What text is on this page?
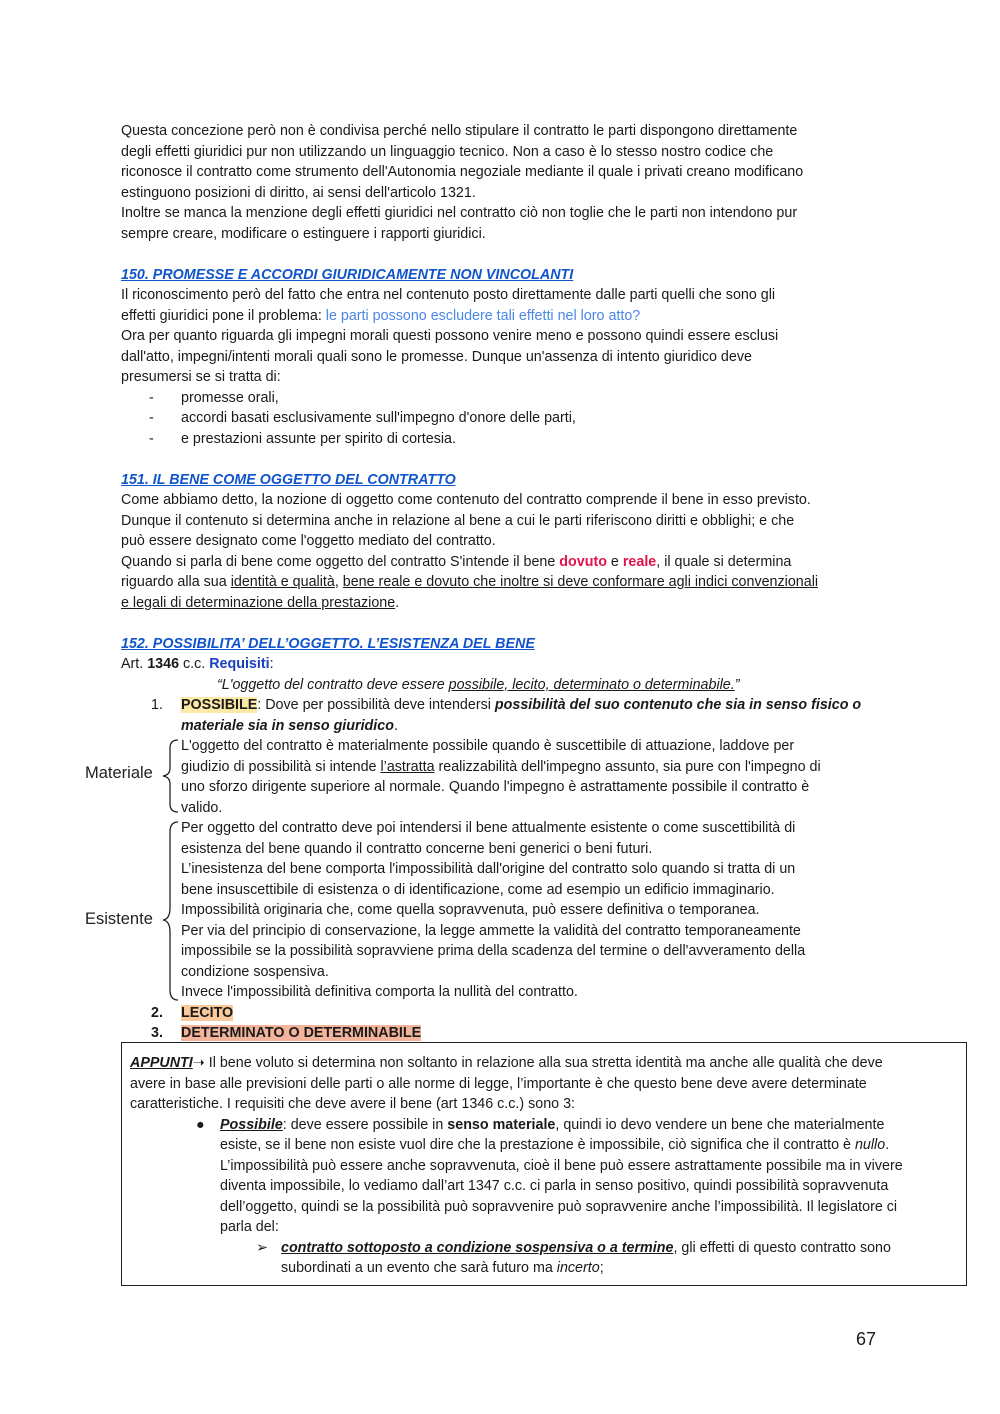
Questa concezione però non è condivisa perché nello stipulare il contratto le parti dispongono direttamente

degli effetti giuridici pur non utilizzando un linguaggio tecnico. Non a caso è lo stesso nostro codice che

riconosce il contratto come strumento dell'Autonomia negoziale mediante il quale i privati creano modificano

estinguono posizioni di diritto, ai sensi dell'articolo 1321.

Inoltre se manca la menzione degli effetti giuridici nel contratto ciò non toglie che le parti non intendono pur

sempre creare, modificare o estinguere i rapporti giuridici.

150. PROMESSE E ACCORDI GIURIDICAMENTE NON VINCOLANTI

Il riconoscimento però del fatto che entra nel contenuto posto direttamente dalle parti quelli che sono gli

effetti giuridici pone il problema: le parti possono escludere tali effetti nel loro atto?

Ora per quanto riguarda gli impegni morali questi possono venire meno e possono quindi essere esclusi

dall'atto, impegni/intenti morali quali sono le promesse. Dunque un'assenza di intento giuridico deve

presumersi se si tratta di:

- promesse orali,
- accordi basati esclusivamente sull'impegno d'onore delle parti,
- e prestazioni assunte per spirito di cortesia.

151. IL BENE COME OGGETTO DEL CONTRATTO

Come abbiamo detto, la nozione di oggetto come contenuto del contratto comprende il bene in esso previsto.

Dunque il contenuto si determina anche in relazione al bene a cui le parti riferiscono diritti e obblighi; e che

può essere designato come l'oggetto mediato del contratto.

Quando si parla di bene come oggetto del contratto S'intende il bene dovuto e reale, il quale si determina

riguardo alla sua identità e qualità, bene reale e dovuto che inoltre si deve conformare agli indici convenzionali

e legali di determinazione della prestazione.

152. POSSIBILITA’ DELL’OGGETTO. L’ESISTENZA DEL BENE

Art. 1346 c.c. Requisiti:

“L'oggetto del contratto deve essere possibile, lecito, determinato o determinabile.”

1. POSSIBILE: Dove per possibilità deve intendersi possibilità del suo contenuto che sia in senso fisico o

materiale sia in senso giuridico.

L'oggetto del contratto è materialmente possibile quando è suscettibile di attuazione, laddove per

giudizio di possibilità si intende l’astratta realizzabilità dell'impegno assunto, sia pure con l'impegno di

uno sforzo dirigente superiore al normale. Quando l'impegno è astrattamente possibile il contratto è

valido.

Per oggetto del contratto deve poi intendersi il bene attualmente esistente o come suscettibilità di

esistenza del bene quando il contratto concerne beni generici o beni futuri.

L’inesistenza del bene comporta l'impossibilità dall'origine del contratto solo quando si tratta di un

bene insuscettibile di esistenza o di identificazione, come ad esempio un edificio immaginario.

Impossibilità originaria che, come quella sopravvenuta, può essere definitiva o temporanea.

Per via del principio di conservazione, la legge ammette la validità del contratto temporaneamente

impossibile se la possibilità sopravviene prima della scadenza del termine o dell'avveramento della

condizione sospensiva.

Invece l'impossibilità definitiva comporta la nullità del contratto.

2. LECITO

3. DETERMINATO O DETERMINABILE

Materiale
Esistente

APPUNTI➝ Il bene voluto si determina non soltanto in relazione alla sua stretta identità ma anche alle qualità che deve

avere in base alle previsioni delle parti o alle norme di legge, l’importante è che questo bene deve avere determinate

caratteristiche. I requisiti che deve avere il bene (art 1346 c.c.) sono 3:

● Possibile: deve essere possibile in senso materiale, quindi io devo vendere un bene che materialmente

esiste, se il bene non esiste vuol dire che la prestazione è impossibile, ciò significa che il contratto è nullo.

L’impossibilità può essere anche sopravvenuta, cioè il bene può essere astrattamente possibile ma in vivere

diventa impossibile, lo vediamo dall’art 1347 c.c. ci parla in senso positivo, quindi possibilità sopravvenuta

dell’oggetto, quindi se la possibilità può sopravvenire può sopravvenire anche l’impossibilità. Il legislatore ci

parla del:

➢ contratto sottoposto a condizione sospensiva o a termine, gli effetti di questo contratto sono

subordinati a un evento che sarà futuro ma incerto;

67
